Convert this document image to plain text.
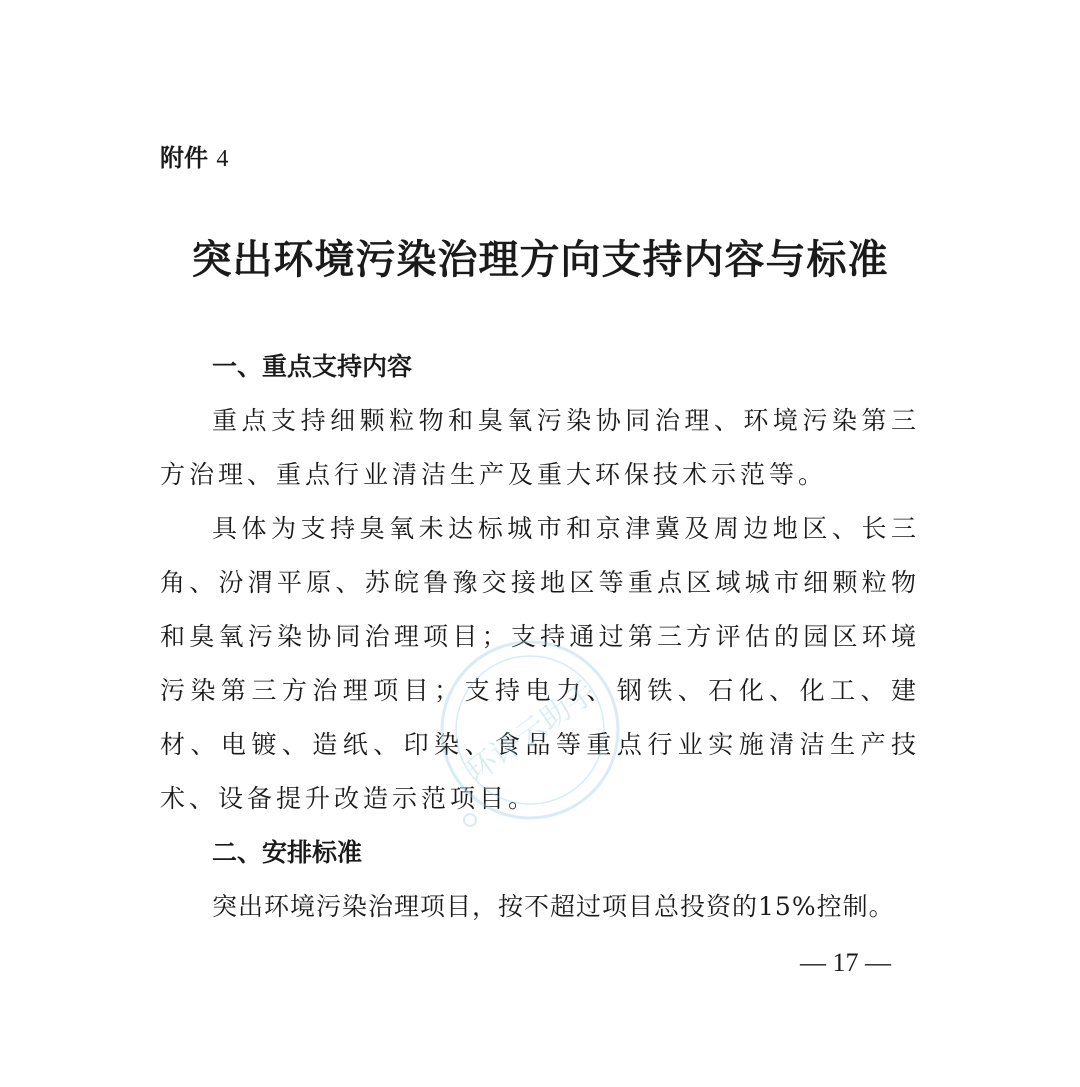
附件 4
突出环境污染治理方向支持内容与标准
一、重点支持内容

重点支持细颗粒物和臭氧污染协同治理、环境污染第三方治理、重点行业清洁生产及重大环保技术示范等。

具体为支持臭氧未达标城市和京津冀及周边地区、长三角、汾渭平原、苏皖鲁豫交接地区等重点区域城市细颗粒物和臭氧污染协同治理项目；支持通过第三方评估的园区环境污染第三方治理项目；支持电力、钢铁、石化、化工、建材、电镀、造纸、印染、食品等重点行业实施清洁生产技术、设备提升改造示范项目。

二、安排标准

突出环境污染治理项目，按不超过项目总投资的15%控制。

环评云助手
— 17 —
